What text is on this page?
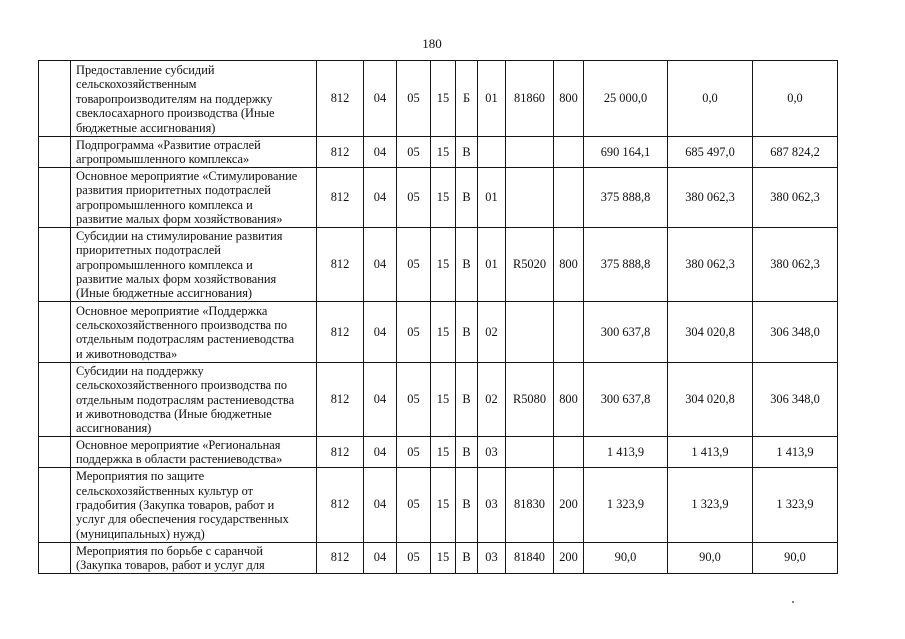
180

	Предоставление субсидий
сельскохозяйственным
товаропроизводителям на поддержку
свеклосахарного производства (Иные
бюджетные ассигнования)	812	04	05	15	Б	01	81860	800	25 000,0	0,0	0,0

	Подпрограмма «Развитие отраслей
агропромышленного комплекса»	812	04	05	15	В				690 164,1	685 497,0	687 824,2

	Основное мероприятие «Стимулирование
развития приоритетных подотраслей
агропромышленного комплекса и
развитие малых форм хозяйствования»	812	04	05	15	В	01			375 888,8	380 062,3	380 062,3

	Субсидии на стимулирование развития
приоритетных подотраслей
агропромышленного комплекса и
развитие малых форм хозяйствования
(Иные бюджетные ассигнования)	812	04	05	15	В	01	R5020	800	375 888,8	380 062,3	380 062,3

	Основное мероприятие «Поддержка
сельскохозяйственного производства по
отдельным подотраслям растениеводства
и животноводства»	812	04	05	15	В	02			300 637,8	304 020,8	306 348,0

	Субсидии на поддержку
сельскохозяйственного производства по
отдельным подотраслям растениеводства
и животноводства (Иные бюджетные
ассигнования)	812	04	05	15	В	02	R5080	800	300 637,8	304 020,8	306 348,0

	Основное мероприятие «Региональная
поддержка в области растениеводства»	812	04	05	15	В	03			1 413,9	1 413,9	1 413,9

	Мероприятия по защите
сельскохозяйственных культур от
градобития (Закупка товаров, работ и
услуг для обеспечения государственных
(муниципальных) нужд)	812	04	05	15	В	03	81830	200	1 323,9	1 323,9	1 323,9

	Мероприятия по борьбе с саранчой
(Закупка товаров, работ и услуг для	812	04	05	15	В	03	81840	200	90,0	90,0	90,0
